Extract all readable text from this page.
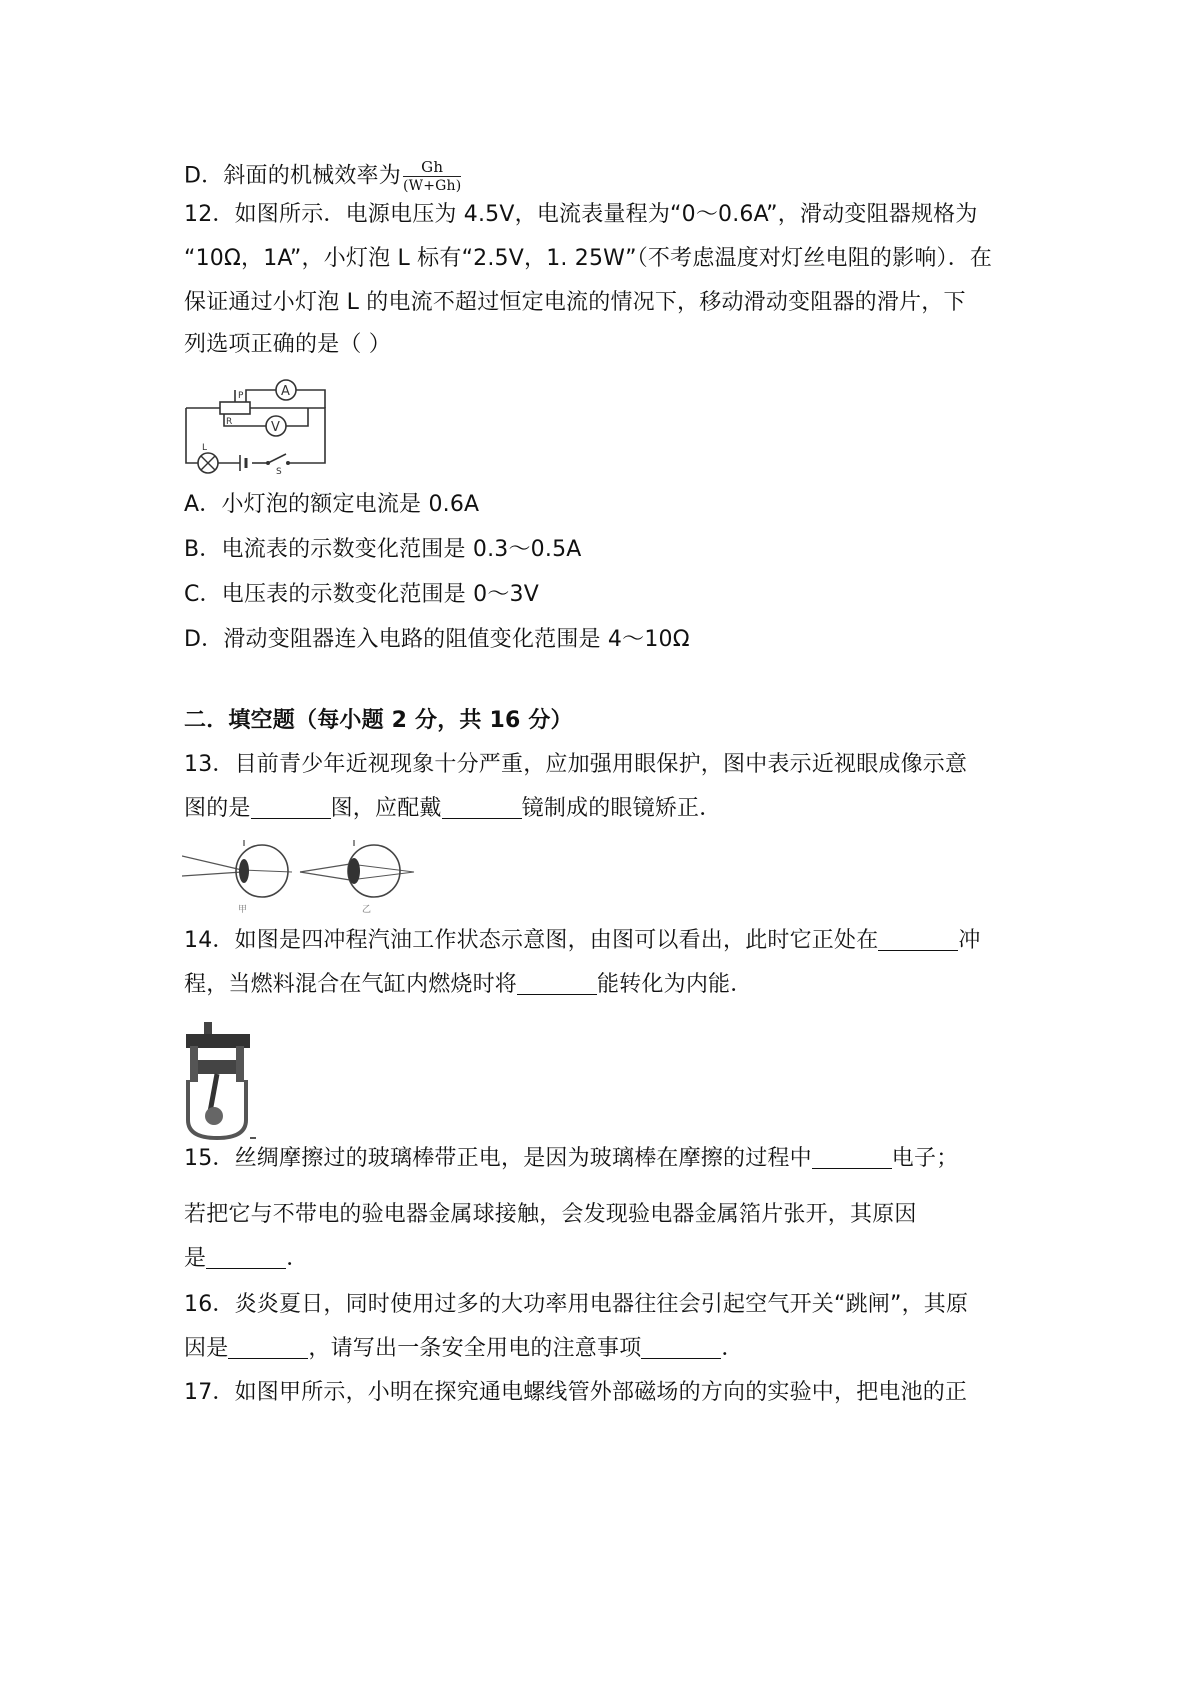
D．斜面的机械效率为 $\frac{Gh}{(W+Gh)}$
12．如图所示．电源电压为 4.5V，电流表量程为“0～0.6A”，滑动变阻器规格为
“10Ω，1A”，小灯泡 L 标有“2.5V，1. 25W”（不考虑温度对灯丝电阻的影响）．在
保证通过小灯泡 L 的电流不超过恒定电流的情况下，移动滑动变阻器的滑片，下
列选项正确的是（ ）
A
V
L
S
P
R
A．小灯泡的额定电流是 0.6A
B．电流表的示数变化范围是 0.3～0.5A
C．电压表的示数变化范围是 0～3V
D．滑动变阻器连入电路的阻值变化范围是 4～10Ω
二．填空题（每小题 2 分，共 16 分）
13．目前青少年近视现象十分严重，应加强用眼保护，图中表示近视眼成像示意
图的是	图，应配戴	镜制成的眼镜矫正．
甲	乙
14．如图是四冲程汽油工作状态示意图，由图可以看出，此时它正处在	冲
程，当燃料混合在气缸内燃烧时将	能转化为内能．
15．丝绸摩擦过的玻璃棒带正电，是因为玻璃棒在摩擦的过程中	电子；
若把它与不带电的验电器金属球接触，会发现验电器金属箔片张开，其原因
是	．
16．炎炎夏日，同时使用过多的大功率用电器往往会引起空气开关“跳闸”，其原
因是	，请写出一条安全用电的注意事项	．
17．如图甲所示，小明在探究通电螺线管外部磁场的方向的实验中，把电池的正
